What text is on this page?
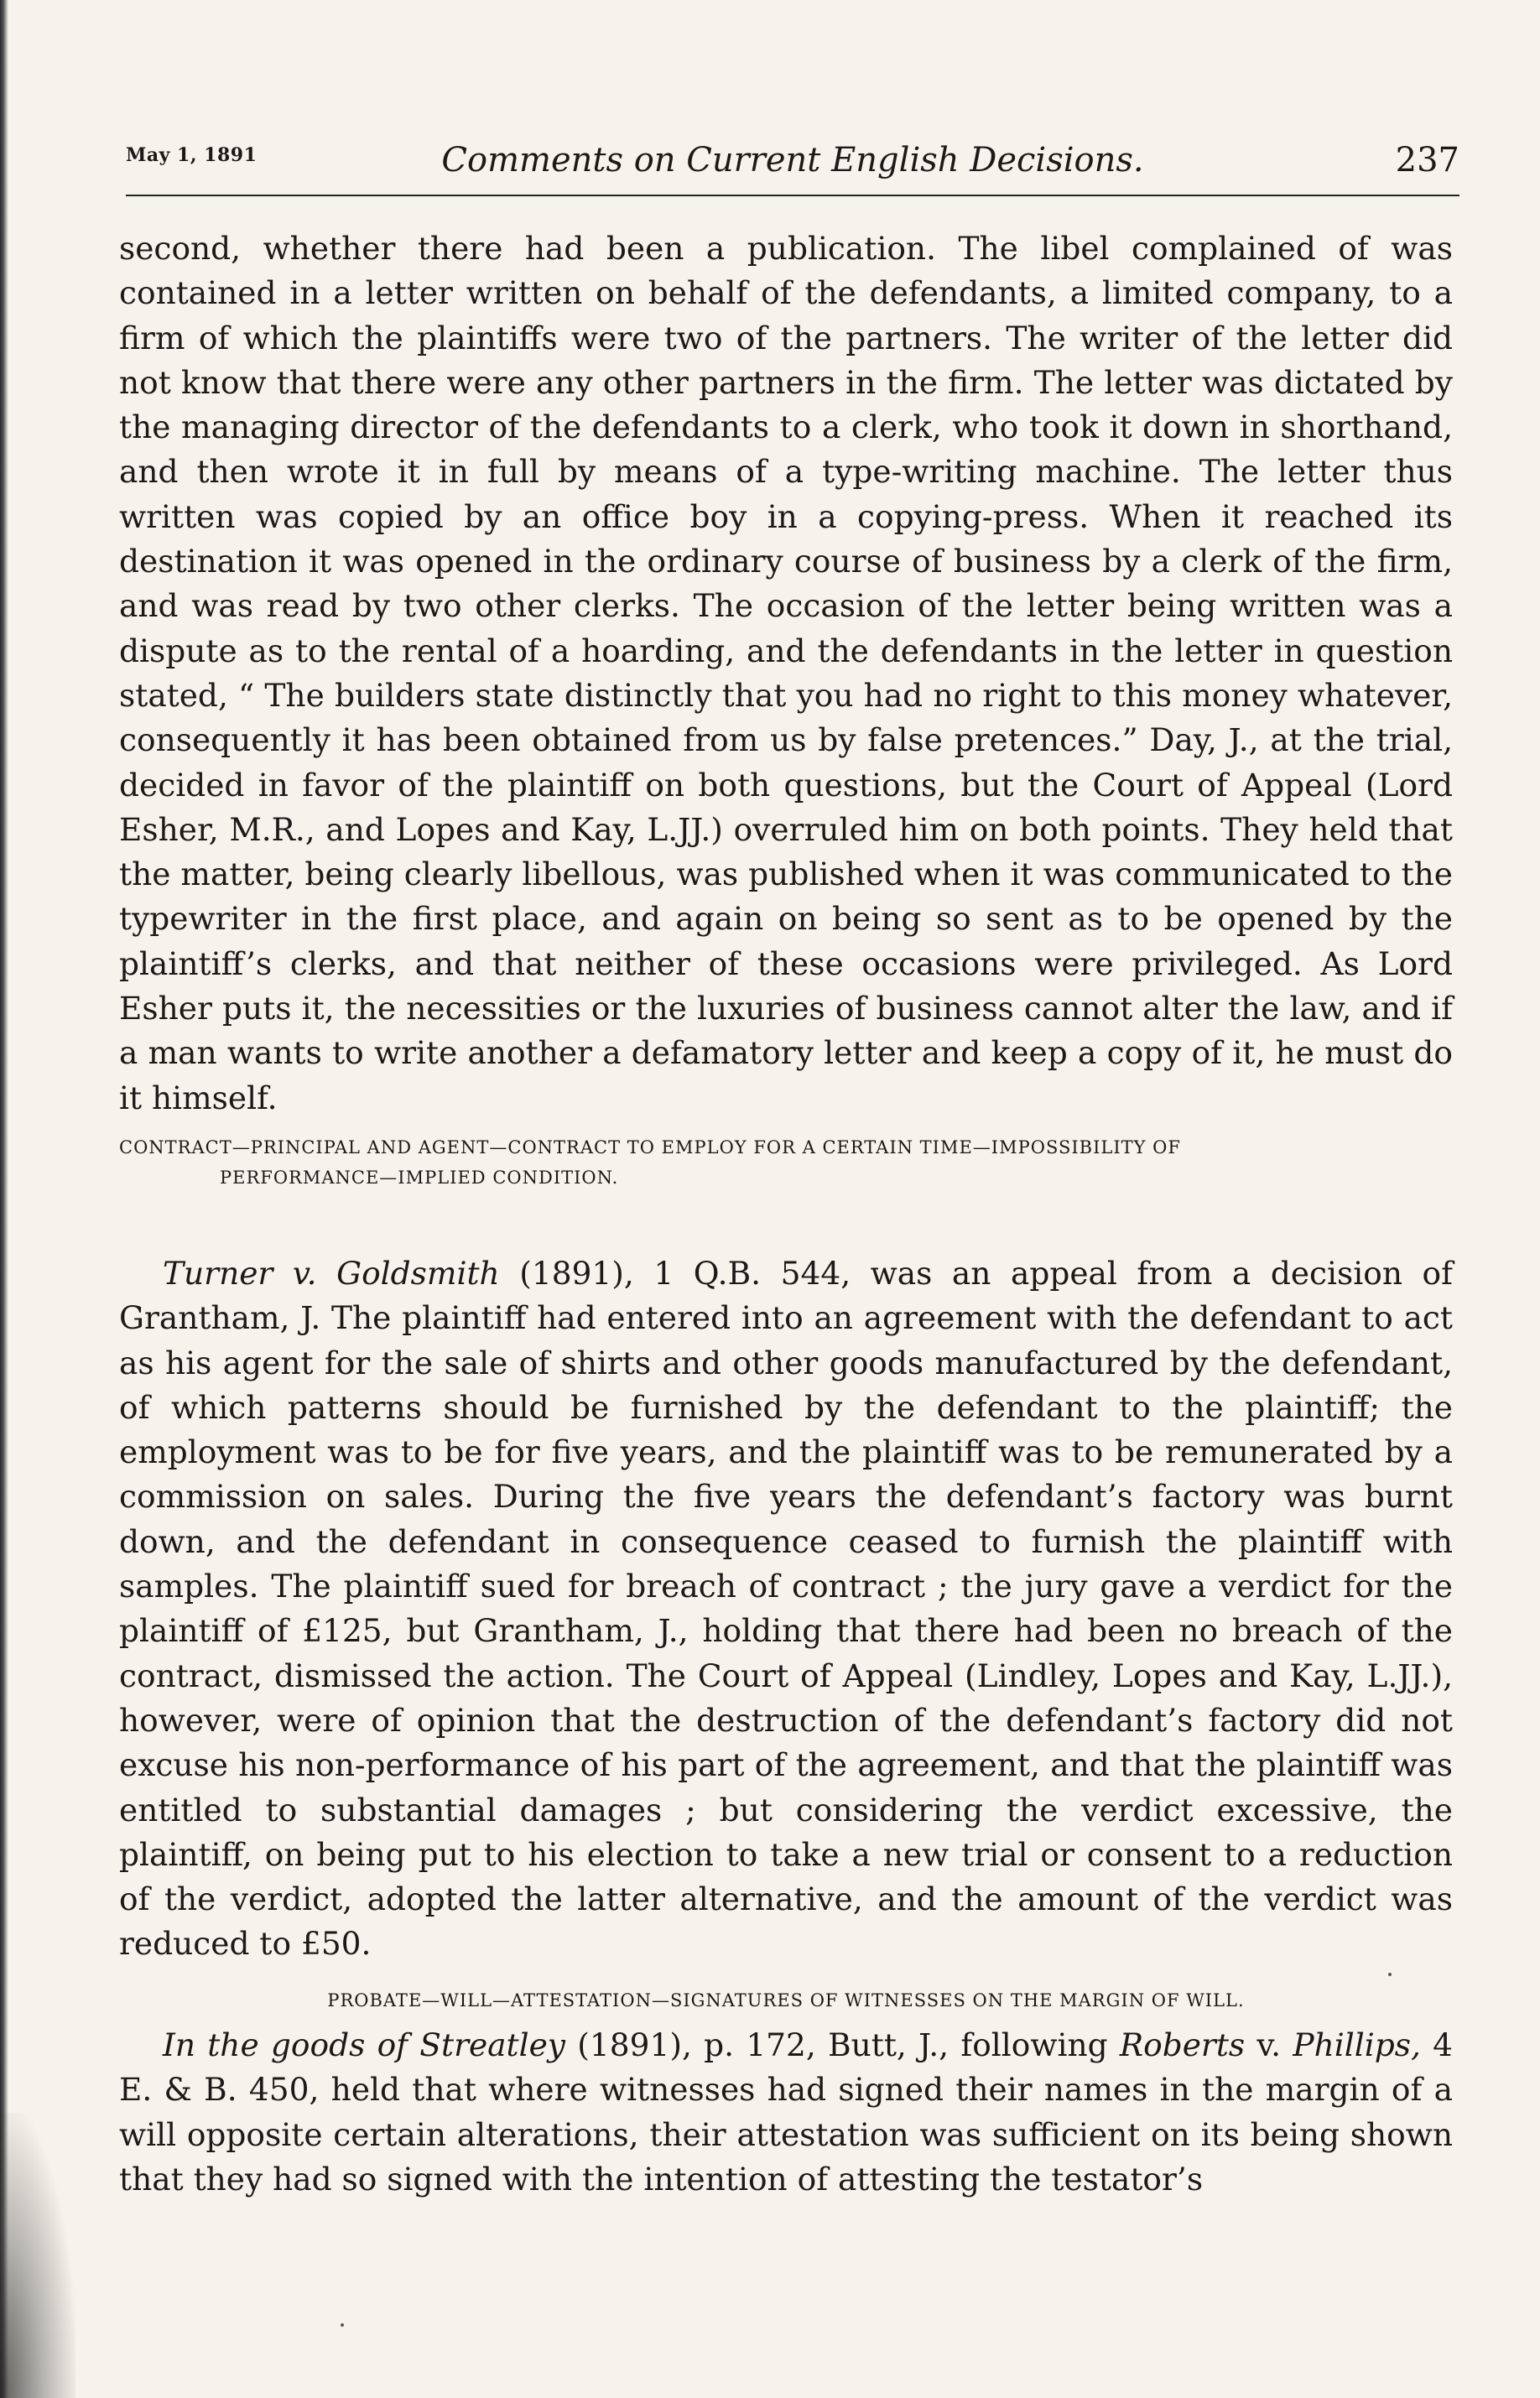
May 1, 1891	Comments on Current English Decisions.	237
second, whether there had been a publication. The libel complained of was contained in a letter written on behalf of the defendants, a limited company, to a firm of which the plaintiffs were two of the partners. The writer of the letter did not know that there were any other partners in the firm. The letter was dictated by the managing director of the defendants to a clerk, who took it down in shorthand, and then wrote it in full by means of a type-writing machine. The letter thus written was copied by an office boy in a copying-press. When it reached its destination it was opened in the ordinary course of business by a clerk of the firm, and was read by two other clerks. The occasion of the letter being written was a dispute as to the rental of a hoarding, and the defendants in the letter in question stated, “ The builders state distinctly that you had no right to this money whatever, consequently it has been obtained from us by false pretences.” Day, J., at the trial, decided in favor of the plaintiff on both questions, but the Court of Appeal (Lord Esher, M.R., and Lopes and Kay, L.JJ.) overruled him on both points. They held that the matter, being clearly libellous, was published when it was communicated to the typewriter in the first place, and again on being so sent as to be opened by the plaintiff’s clerks, and that neither of these occasions were privileged. As Lord Esher puts it, the necessities or the luxuries of business cannot alter the law, and if a man wants to write another a defamatory letter and keep a copy of it, he must do it himself.
CONTRACT—PRINCIPAL AND AGENT—CONTRACT TO EMPLOY FOR A CERTAIN TIME—IMPOSSIBILITY OF
PERFORMANCE—IMPLIED CONDITION.
Turner v. Goldsmith (1891), 1 Q.B. 544, was an appeal from a decision of Grantham, J. The plaintiff had entered into an agreement with the defendant to act as his agent for the sale of shirts and other goods manufactured by the defendant, of which patterns should be furnished by the defendant to the plaintiff; the employment was to be for five years, and the plaintiff was to be remunerated by a commission on sales. During the five years the defendant’s factory was burnt down, and the defendant in consequence ceased to furnish the plaintiff with samples. The plaintiff sued for breach of contract ; the jury gave a verdict for the plaintiff of £125, but Grantham, J., holding that there had been no breach of the contract, dismissed the action. The Court of Appeal (Lindley, Lopes and Kay, L.JJ.), however, were of opinion that the destruction of the defendant’s factory did not excuse his non-performance of his part of the agreement, and that the plaintiff was entitled to substantial damages ; but considering the verdict excessive, the plaintiff, on being put to his election to take a new trial or consent to a reduction of the verdict, adopted the latter alternative, and the amount of the verdict was reduced to £50.
PROBATE—WILL—ATTESTATION—SIGNATURES OF WITNESSES ON THE MARGIN OF WILL.
In the goods of Streatley (1891), p. 172, Butt, J., following Roberts v. Phillips, 4 E. & B. 450, held that where witnesses had signed their names in the margin of a will opposite certain alterations, their attestation was sufficient on its being shown that they had so signed with the intention of attesting the testator’s
